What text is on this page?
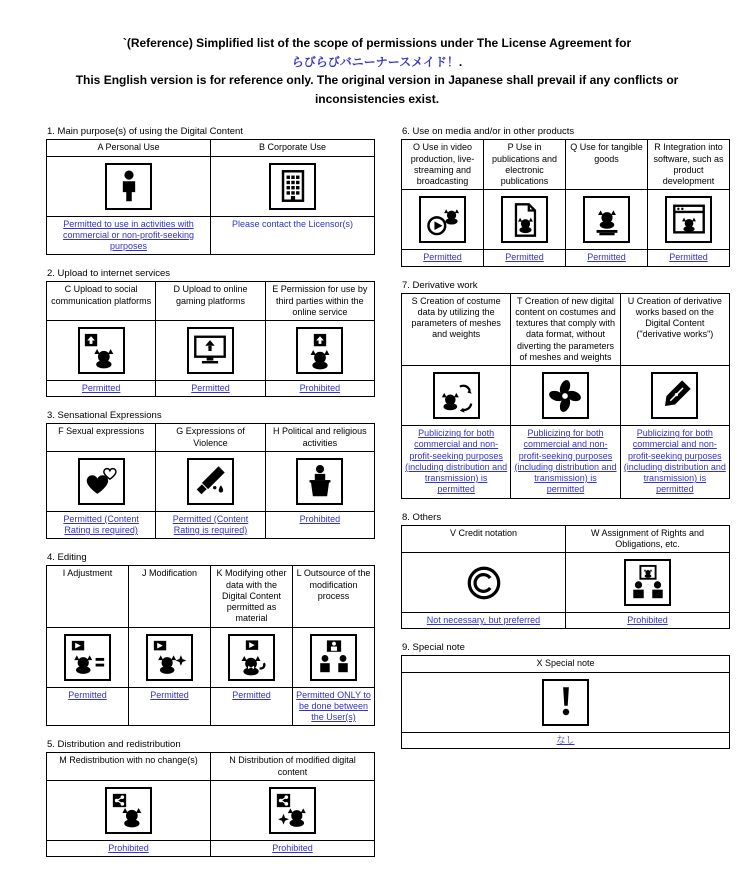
`(Reference) Simplified list of the scope of permissions under The License Agreement for
らびらびバニーナースメイド！.
This English version is for reference only. The original version in Japanese shall prevail if any conflicts or inconsistencies exist.
1. Main purpose(s) of using the Digital Content
A Personal Use	B Corporate Use

Permitted to use in activities with commercial or non-profit-seeking purposes	Please contact the Licensor(s)
2. Upload to internet services
C Upload to social communication platforms	D Upload to online gaming platforms	E Permission for use by third parties within the online service

Permitted	Permitted	Prohibited
3. Sensational Expressions
F Sexual expressions	G Expressions of Violence	H Political and religious activities

Permitted (Content Rating is required)	Permitted (Content Rating is required)	Prohibited
4. Editing
I Adjustment	J Modification	K Modifying other data with the Digital Content permitted as material	L Outsource of the modification process

Permitted	Permitted	Permitted	Permitted ONLY to be done between the User(s)
5. Distribution and redistribution
M Redistribution with no change(s)	N Distribution of modified digital content

Prohibited	Prohibited
6. Use on media and/or in other products
O Use in video production, live-streaming and broadcasting	P Use in publications and electronic publications	Q Use for tangible goods	R Integration into software, such as product development

Permitted	Permitted	Permitted	Permitted
7. Derivative work
S Creation of costume data by utilizing the parameters of meshes and weights	T Creation of new digital content on costumes and textures that comply with data format, without diverting the parameters of meshes and weights	U Creation of derivative works based on the Digital Content ("derivative works")

Publicizing for both commercial and non-profit-seeking purposes (including distribution and transmission) is permitted	Publicizing for both commercial and non-profit-seeking purposes (including distribution and transmission) is permitted	Publicizing for both commercial and non-profit-seeking purposes (including distribution and transmission) is permitted
8. Others
V Credit notation	W Assignment of Rights and Obligations, etc.

Not necessary, but preferred	Prohibited
9. Special note
X Special note

なし
